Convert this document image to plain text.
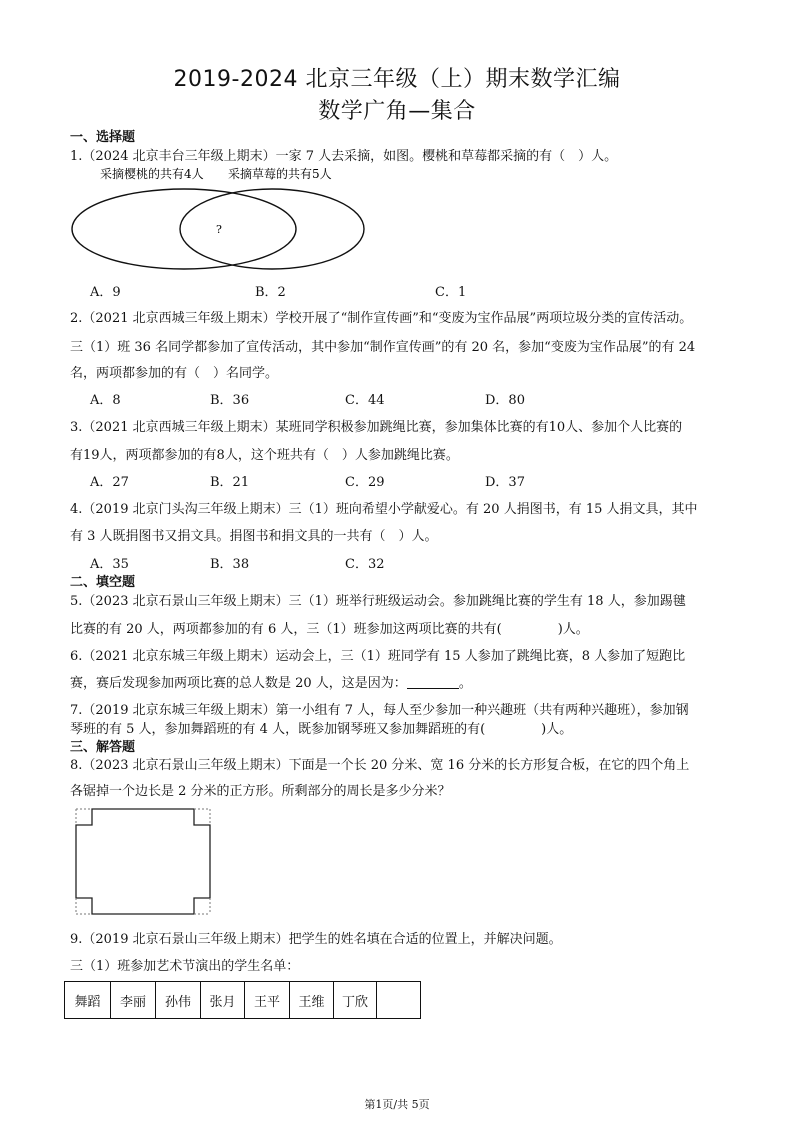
2019-2024 北京三年级（上）期末数学汇编
数学广角—集合
一、选择题
1.（2024 北京丰台三年级上期末）一家 7 人去采摘，如图。樱桃和草莓都采摘的有（　）人。
采摘樱桃的共有4人 采摘草莓的共有5人
?
A．9	B．2	C．1
2.（2021 北京西城三年级上期末）学校开展了“制作宣传画”和“变废为宝作品展”两项垃圾分类的宣传活动。
三（1）班 36 名同学都参加了宣传活动，其中参加“制作宣传画”的有 20 名，参加“变废为宝作品展”的有 24
名，两项都参加的有（　）名同学。
A．8	B．36	C．44	D．80
3.（2021 北京西城三年级上期末）某班同学积极参加跳绳比赛，参加集体比赛的有10人、参加个人比赛的
有19人，两项都参加的有8人，这个班共有（　）人参加跳绳比赛。
A．27	B．21	C．29	D．37
4.（2019 北京门头沟三年级上期末）三（1）班向希望小学献爱心。有 20 人捐图书，有 15 人捐文具，其中
有 3 人既捐图书又捐文具。捐图书和捐文具的一共有（　）人。
A．35	B．38	C．32
二、填空题
5.（2023 北京石景山三年级上期末）三（1）班举行班级运动会。参加跳绳比赛的学生有 18 人，参加踢毽
比赛的有 20 人，两项都参加的有 6 人，三（1）班参加这两项比赛的共有(	)人。
6.（2021 北京东城三年级上期末）运动会上，三（1）班同学有 15 人参加了跳绳比赛，8 人参加了短跑比
赛，赛后发现参加两项比赛的总人数是 20 人，这是因为：	。
7.（2019 北京东城三年级上期末）第一小组有 7 人，每人至少参加一种兴趣班（共有两种兴趣班），参加钢
琴班的有 5 人，参加舞蹈班的有 4 人，既参加钢琴班又参加舞蹈班的有(	)人。
三、解答题
8.（2023 北京石景山三年级上期末）下面是一个长 20 分米、宽 16 分米的长方形复合板，在它的四个角上
各锯掉一个边长是 2 分米的正方形。所剩部分的周长是多少分米？
9.（2019 北京石景山三年级上期末）把学生的姓名填在合适的位置上，并解决问题。
三（1）班参加艺术节演出的学生名单：
舞蹈	李丽	孙伟	张月	王平	王维	丁欣	
第1页/共 5页
